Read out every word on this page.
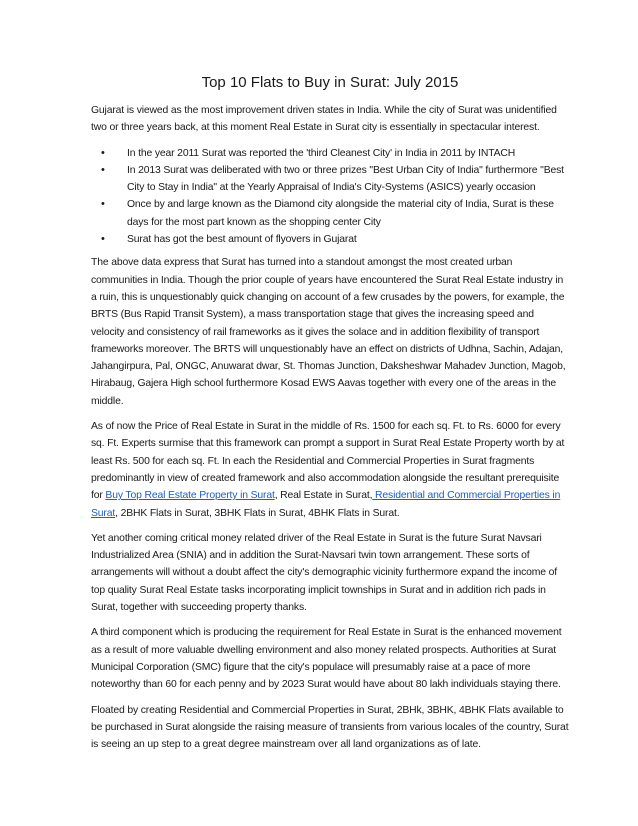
Top 10 Flats to Buy in Surat: July 2015

Gujarat is viewed as the most improvement driven states in India. While the city of Surat was unidentified two or three years back, at this moment Real Estate in Surat city is essentially in spectacular interest.

•	In the year 2011 Surat was reported the 'third Cleanest City' in India in 2011 by INTACH
•	In 2013 Surat was deliberated with two or three prizes "Best Urban City of India" furthermore "Best City to Stay in India" at the Yearly Appraisal of India's City-Systems (ASICS) yearly occasion
•	Once by and large known as the Diamond city alongside the material city of India, Surat is these days for the most part known as the shopping center City
•	Surat has got the best amount of flyovers in Gujarat

The above data express that Surat has turned into a standout amongst the most created urban communities in India. Though the prior couple of years have encountered the Surat Real Estate industry in a ruin, this is unquestionably quick changing on account of a few crusades by the powers, for example, the BRTS (Bus Rapid Transit System), a mass transportation stage that gives the increasing speed and velocity and consistency of rail frameworks as it gives the solace and in addition flexibility of transport frameworks moreover. The BRTS will unquestionably have an effect on districts of Udhna, Sachin, Adajan, Jahangirpura, Pal, ONGC, Anuwarat dwar, St. Thomas Junction, Daksheshwar Mahadev Junction, Magob, Hirabaug, Gajera High school furthermore Kosad EWS Aavas together with every one of the areas in the middle.

As of now the Price of Real Estate in Surat in the middle of Rs. 1500 for each sq. Ft. to Rs. 6000 for every sq. Ft. Experts surmise that this framework can prompt a support in Surat Real Estate Property worth by at least Rs. 500 for each sq. Ft. In each the Residential and Commercial Properties in Surat fragments predominantly in view of created framework and also accommodation alongside the resultant prerequisite for Buy Top Real Estate Property in Surat, Real Estate in Surat, Residential and Commercial Properties in Surat, 2BHK Flats in Surat, 3BHK Flats in Surat, 4BHK Flats in Surat.

Yet another coming critical money related driver of the Real Estate in Surat is the future Surat Navsari Industrialized Area (SNIA) and in addition the Surat-Navsari twin town arrangement. These sorts of arrangements will without a doubt affect the city's demographic vicinity furthermore expand the income of top quality Surat Real Estate tasks incorporating implicit townships in Surat and in addition rich pads in Surat, together with succeeding property thanks.

A third component which is producing the requirement for Real Estate in Surat is the enhanced movement as a result of more valuable dwelling environment and also money related prospects. Authorities at Surat Municipal Corporation (SMC) figure that the city's populace will presumably raise at a pace of more noteworthy than 60 for each penny and by 2023 Surat would have about 80 lakh individuals staying there.

Floated by creating Residential and Commercial Properties in Surat, 2BHk, 3BHK, 4BHK Flats available to be purchased in Surat alongside the raising measure of transients from various locales of the country, Surat is seeing an up step to a great degree mainstream over all land organizations as of late.
